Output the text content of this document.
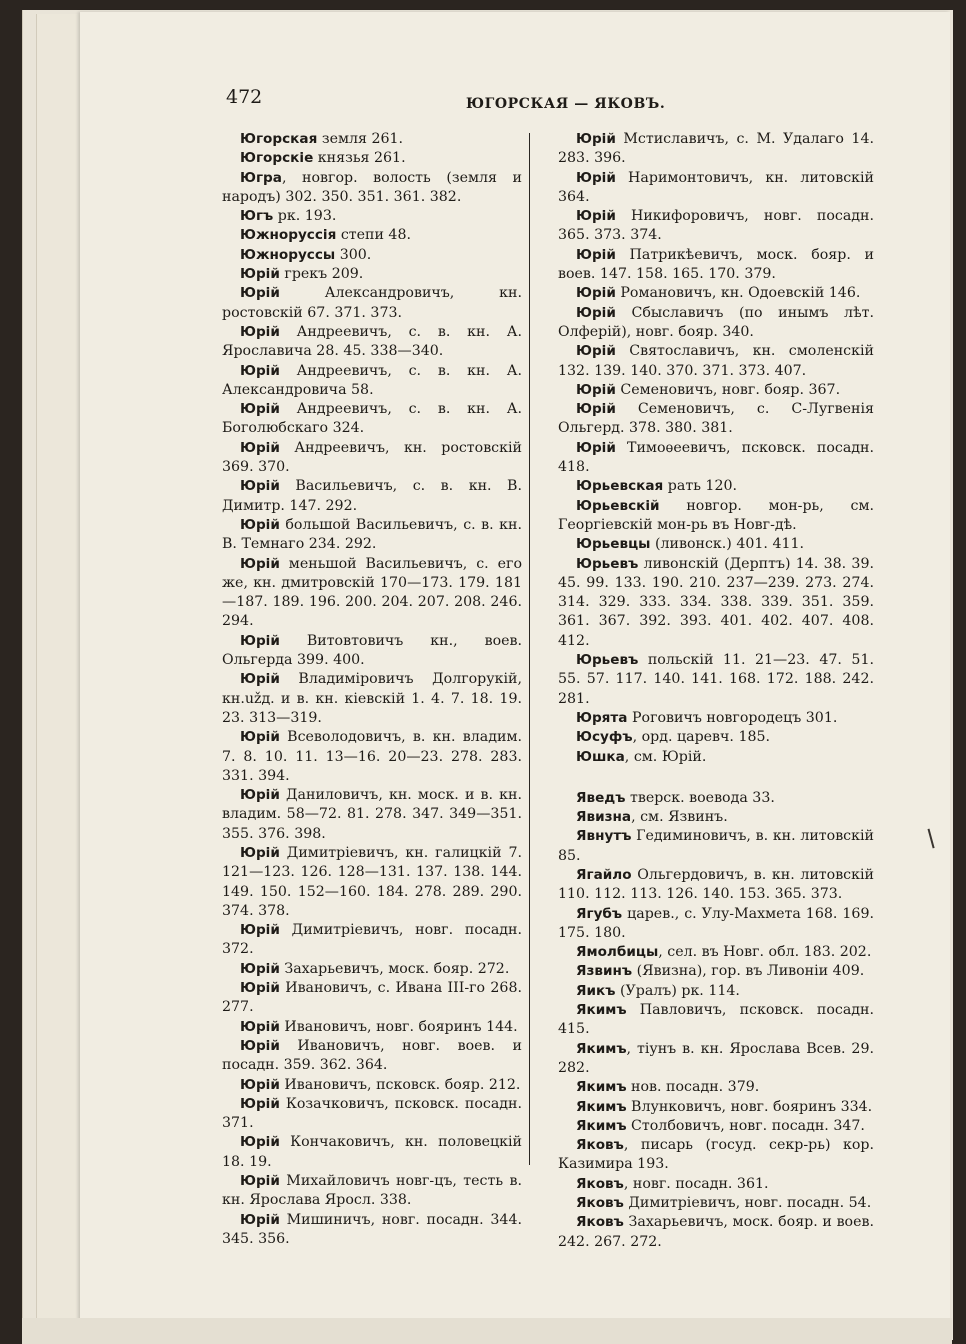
472	ЮГОРСКАЯ — ЯКОВЪ.
Югорская земля 261.
Югорскіе князья 261.
Югра, новгор. волость (земля и народъ) 302. 350. 351. 361. 382.
Югъ рк. 193.
Южноруссія степи 48.
Южноруссы 300.
Юрій грекъ 209.
Юрій Александровичъ, кн. ростовскій 67. 371. 373.
Юрій Андреевичъ, с. в. кн. А. Ярославича 28. 45. 338—340.
Юрій Андреевичъ, с. в. кн. А. Александровича 58.
Юрій Андреевичъ, с. в. кн. А. Боголюбскаго 324.
Юрій Андреевичъ, кн. ростовскій 369. 370.
Юрій Васильевичъ, с. в. кн. В. Димитр. 147. 292.
Юрій большой Васильевичъ, с. в. кн. В. Темнаго 234. 292.
Юрій меньшой Васильевичъ, с. его же, кн. дмитровскій 170—173. 179. 181—187. 189. 196. 200. 204. 207. 208. 246. 294.
Юрій Витовтовичъ кн., воев. Ольгерда 399. 400.
Юрій Владиміровичъ Долгорукій, кн.užд. и в. кн. кіевскій 1. 4. 7. 18. 19. 23. 313—319.
Юрій Всеволодовичъ, в. кн. владим. 7. 8. 10. 11. 13—16. 20—23. 278. 283. 331. 394.
Юрій Даниловичъ, кн. моск. и в. кн. владим. 58—72. 81. 278. 347. 349—351. 355. 376. 398.
Юрій Димитріевичъ, кн. галицкій 7. 121—123. 126. 128—131. 137. 138. 144. 149. 150. 152—160. 184. 278. 289. 290. 374. 378.
Юрій Димитріевичъ, новг. посадн. 372.
Юрій Захарьевичъ, моск. бояр. 272.
Юрій Ивановичъ, с. Ивана III-го 268. 277.
Юрій Ивановичъ, новг. бояринъ 144.
Юрій Ивановичъ, новг. воев. и посадн. 359. 362. 364.
Юрій Ивановичъ, псковск. бояр. 212.
Юрій Козачковичъ, псковск. посадн. 371.
Юрій Кончаковичъ, кн. половецкій 18. 19.
Юрій Михайловичъ новг-цъ, тесть в. кн. Ярослава Яросл. 338.
Юрій Мишиничъ, новг. посадн. 344. 345. 356.
Юрій Мстиславичъ, с. М. Удалаго 14. 283. 396.
Юрій Наримонтовичъ, кн. литовскій 364.
Юрій Никифоровичъ, новг. посадн. 365. 373. 374.
Юрій Патрикѣевичъ, моск. бояр. и воев. 147. 158. 165. 170. 379.
Юрій Романовичъ, кн. Одоевскій 146.
Юрій Сбыславичъ (по инымъ лѣт. Олферій), новг. бояр. 340.
Юрій Святославичъ, кн. смоленскій 132. 139. 140. 370. 371. 373. 407.
Юрій Семеновичъ, новг. бояр. 367.
Юрій Семеновичъ, с. С-Лугвенія Ольгерд. 378. 380. 381.
Юрій Тимоѳеевичъ, псковск. посадн. 418.
Юрьевская рать 120.
Юрьевскій новгор. мон-рь, см. Георгіевскій мон-рь въ Новг-дѣ.
Юрьевцы (ливонск.) 401. 411.
Юрьевъ ливонскій (Дерптъ) 14. 38. 39. 45. 99. 133. 190. 210. 237—239. 273. 274. 314. 329. 333. 334. 338. 339. 351. 359. 361. 367. 392. 393. 401. 402. 407. 408. 412.
Юрьевъ польскій 11. 21—23. 47. 51. 55. 57. 117. 140. 141. 168. 172. 188. 242. 281.
Юрята Роговичъ новгородецъ 301.
Юсуфъ, орд. царевч. 185.
Юшка, см. Юрій.
Яведъ тверск. воевода 33.
Явизна, см. Язвинъ.
Явнутъ Гедиминовичъ, в. кн. литовскій 85.
Ягайло Ольгердовичъ, в. кн. литовскій 110. 112. 113. 126. 140. 153. 365. 373.
Ягубъ царев., с. Улу-Махмета 168. 169. 175. 180.
Ямолбицы, сел. въ Новг. обл. 183. 202.
Язвинъ (Явизна), гор. въ Ливоніи 409.
Яикъ (Уралъ) рк. 114.
Якимъ Павловичъ, псковск. посадн. 415.
Якимъ, тіунъ в. кн. Ярослава Всев. 29. 282.
Якимъ нов. посадн. 379.
Якимъ Влунковичъ, новг. бояринъ 334.
Якимъ Столбовичъ, новг. посадн. 347.
Яковъ, писарь (госуд. секр-рь) кор. Казимира 193.
Яковъ, новг. посадн. 361.
Яковъ Димитріевичъ, новг. посадн. 54.
Яковъ Захарьевичъ, моск. бояр. и воев. 242. 267. 272.
